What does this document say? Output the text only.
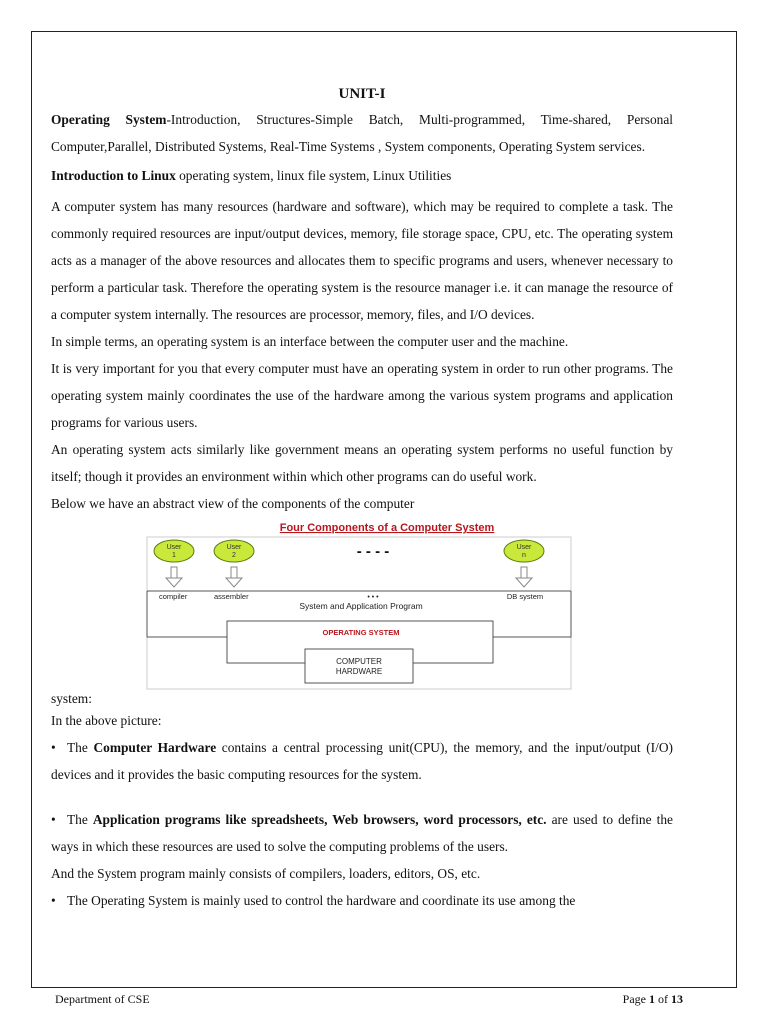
UNIT-I

Operating System-Introduction, Structures-Simple Batch, Multi-programmed, Time-shared, Personal Computer,Parallel, Distributed Systems, Real-Time Systems , System components, Operating System services.

Introduction to Linux operating system, linux file system, Linux Utilities

A computer system has many resources (hardware and software), which may be required to complete a task. The commonly required resources are input/output devices, memory, file storage space, CPU, etc. The operating system acts as a manager of the above resources and allocates them to specific programs and users, whenever necessary to perform a particular task. Therefore the operating system is the resource manager i.e. it can manage the resource of a computer system internally. The resources are processor, memory, files, and I/O devices.

In simple terms, an operating system is an interface between the computer user and the machine.

It is very important for you that every computer must have an operating system in order to run other programs. The operating system mainly coordinates the use of the hardware among the various system programs and application programs for various users.

An operating system acts similarly like government means an operating system performs no useful function by itself; though it provides an environment within which other programs can do useful work.

Below we have an abstract view of the components of the computer

Four Components of a Computer System
User
1
User
2
User
n
- - - -
compiler	assembler	• • •	DB system
System and Application Program
OPERATING SYSTEM
COMPUTER
HARDWARE

system:

In the above picture:

• The Computer Hardware contains a central processing unit(CPU), the memory, and the input/output (I/O) devices and it provides the basic computing resources for the system.

• The Application programs like spreadsheets, Web browsers, word processors, etc. are used to define the ways in which these resources are used to solve the computing problems of the users.

And the System program mainly consists of compilers, loaders, editors, OS, etc.

• The Operating System is mainly used to control the hardware and coordinate its use among the

Department of CSE	Page 1 of 13
